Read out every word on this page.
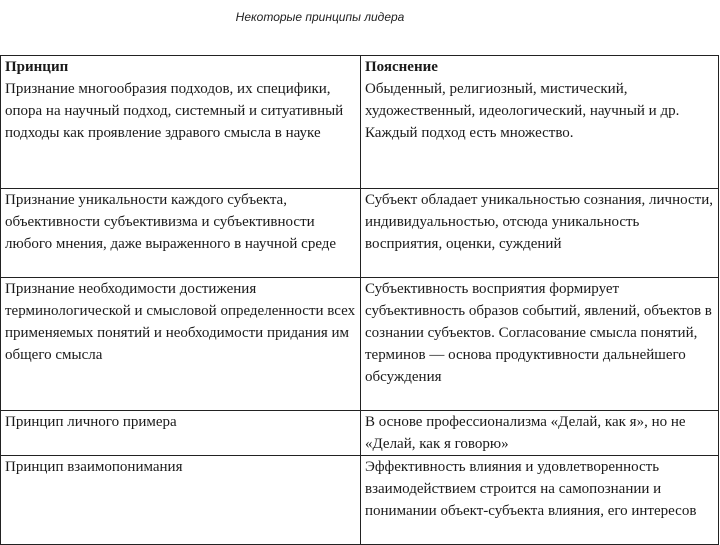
Некоторые принципы лидера
Принцип	Пояснение
Признание многообразия подходов, их специфики, опора на научный подход, системный и ситуативный подходы как проявление здравого смысла в науке	Обыденный, религиозный, мистический, художественный, идеологический, научный и др. Каждый подход есть множество.
Признание уникальности каждого субъекта, объективности субъективизма и субъективности любого мнения, даже выраженного в научной среде	Субъект обладает уникальностью сознания, личности, индивидуальностью, отсюда уникальность восприятия, оценки, суждений
Признание необходимости достижения терминологической и смысловой определенности всех применяемых понятий и необходимости придания им общего смысла	Субъективность восприятия формирует субъективность образов событий, явлений, объектов в сознании субъектов. Согласование смысла понятий, терминов — основа продуктивности дальнейшего обсуждения
Принцип личного примера	В основе профессионализма «Делай, как я», но не «Делай, как я говорю»
Принцип взаимопонимания	Эффективность влияния и удовлетворенность взаимодействием строится на самопознании и понимании объект-субъекта влияния, его интересов
